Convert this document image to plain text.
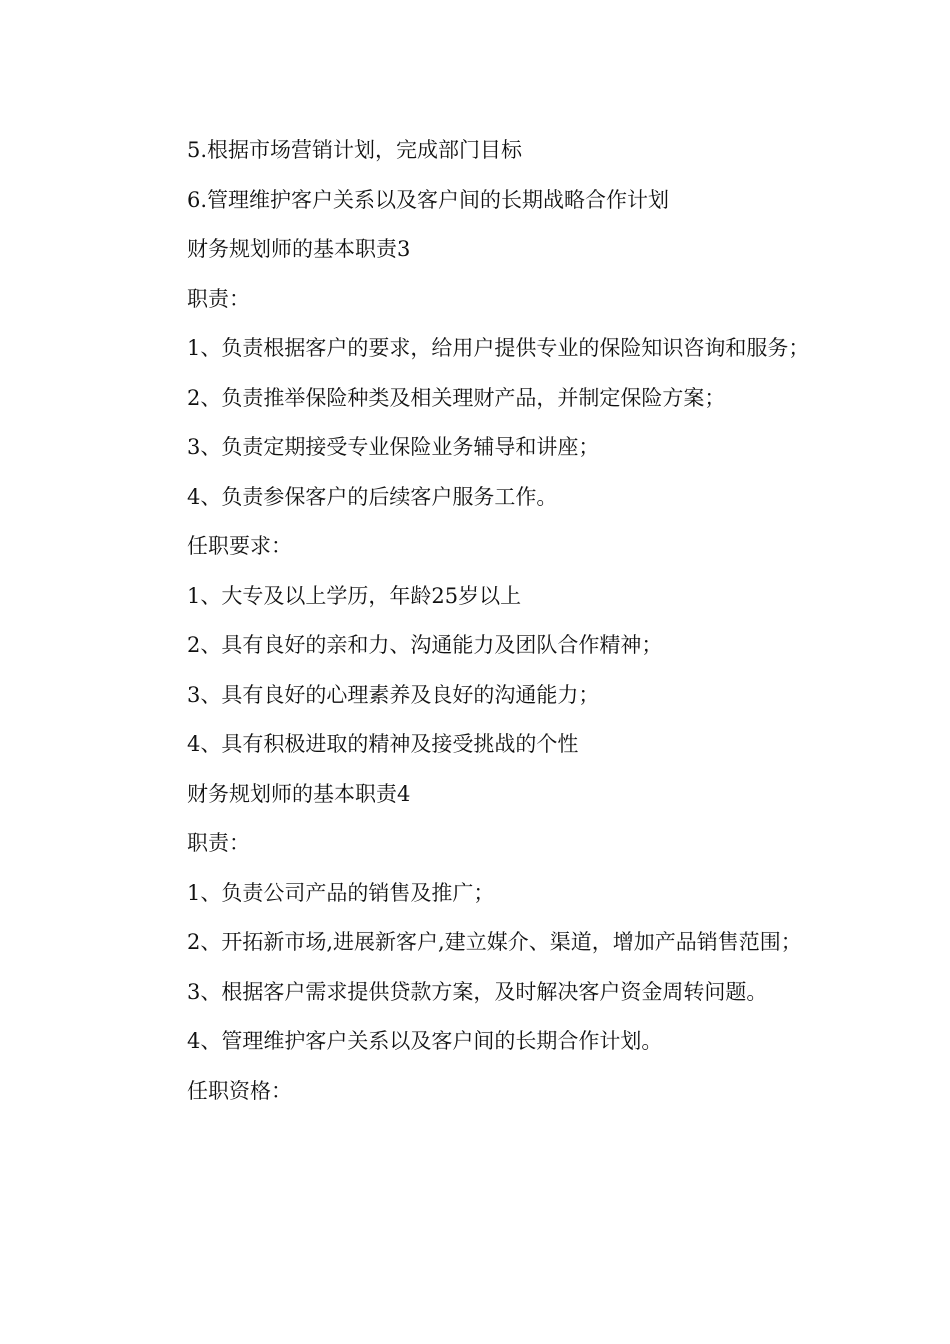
5.根据市场营销计划，完成部门目标

6.管理维护客户关系以及客户间的长期战略合作计划

财务规划师的基本职责3

职责：

1、负责根据客户的要求，给用户提供专业的保险知识咨询和服务；

2、负责推举保险种类及相关理财产品，并制定保险方案；

3、负责定期接受专业保险业务辅导和讲座；

4、负责参保客户的后续客户服务工作。

任职要求：

1、大专及以上学历，年龄25岁以上

2、具有良好的亲和力、沟通能力及团队合作精神；

3、具有良好的心理素养及良好的沟通能力；

4、具有积极进取的精神及接受挑战的个性

财务规划师的基本职责4

职责：

1、负责公司产品的销售及推广；

2、开拓新市场,进展新客户,建立媒介、渠道，增加产品销售范围；

3、根据客户需求提供贷款方案，及时解决客户资金周转问题。

4、管理维护客户关系以及客户间的长期合作计划。

任职资格：
